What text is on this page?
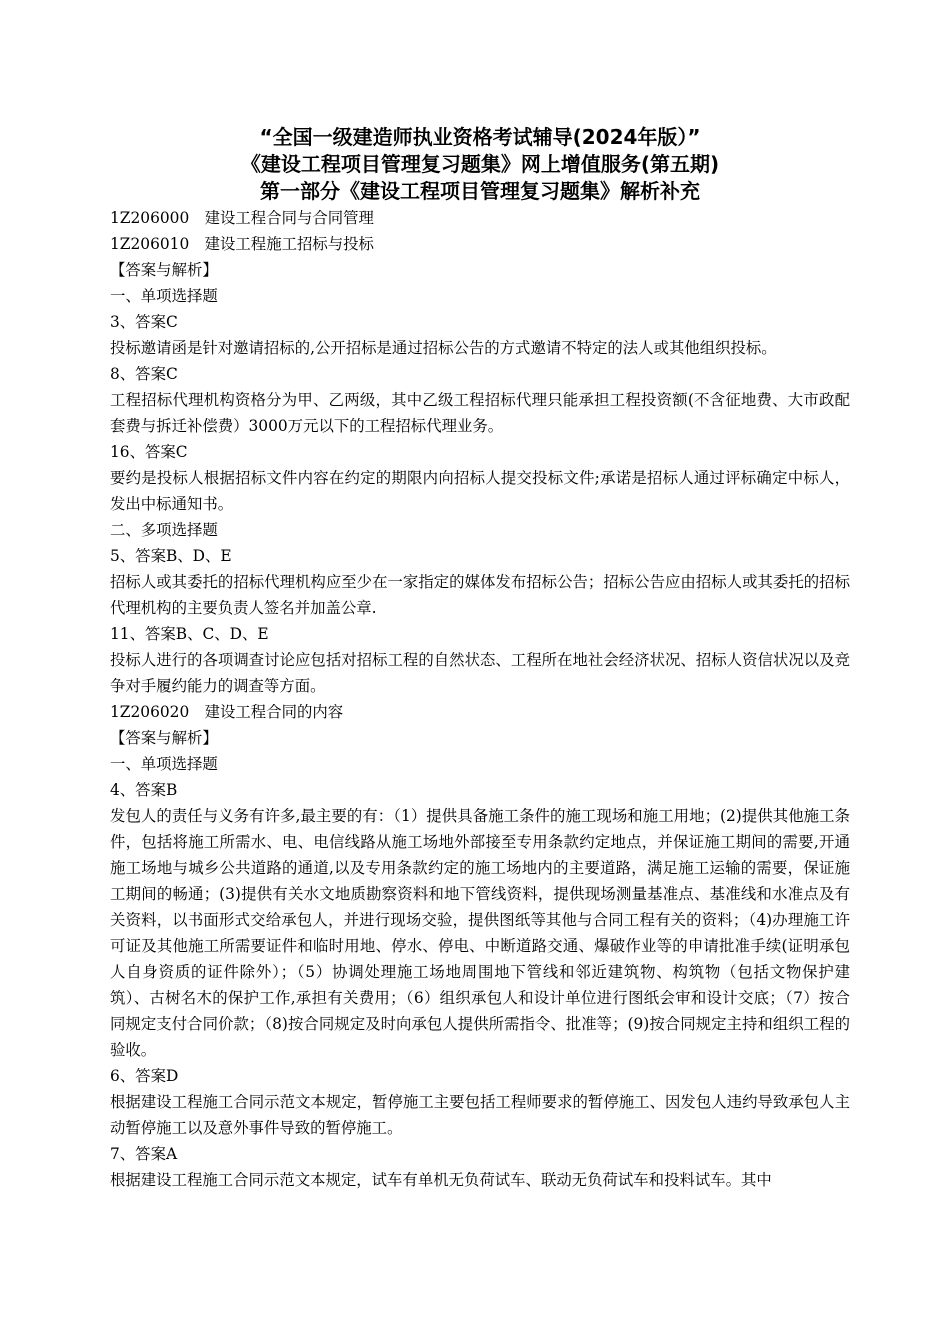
“全国一级建造师执业资格考试辅导(2024年版）”
《建设工程项目管理复习题集》网上增值服务(第五期)
第一部分《建设工程项目管理复习题集》解析补充

1Z206000　建设工程合同与合同管理

1Z206010　建设工程施工招标与投标

【答案与解析】

一、单项选择题

3、答案C

投标邀请函是针对邀请招标的,公开招标是通过招标公告的方式邀请不特定的法人或其他组织投标。

8、答案C

工程招标代理机构资格分为甲、乙两级，其中乙级工程招标代理只能承担工程投资额(不含征地费、大市政配套费与拆迁补偿费）3000万元以下的工程招标代理业务。

16、答案C

要约是投标人根据招标文件内容在约定的期限内向招标人提交投标文件;承诺是招标人通过评标确定中标人，发出中标通知书。

二、多项选择题

5、答案B、D、E

招标人或其委托的招标代理机构应至少在一家指定的媒体发布招标公告；招标公告应由招标人或其委托的招标代理机构的主要负责人签名并加盖公章.

11、答案B、C、D、E

投标人进行的各项调查讨论应包括对招标工程的自然状态、工程所在地社会经济状况、招标人资信状况以及竞争对手履约能力的调查等方面。

1Z206020　建设工程合同的内容

【答案与解析】

一、单项选择题

4、答案B

发包人的责任与义务有许多,最主要的有：（1）提供具备施工条件的施工现场和施工用地；(2)提供其他施工条件，包括将施工所需水、电、电信线路从施工场地外部接至专用条款约定地点，并保证施工期间的需要,开通施工场地与城乡公共道路的通道,以及专用条款约定的施工场地内的主要道路，满足施工运输的需要，保证施工期间的畅通；(3)提供有关水文地质勘察资料和地下管线资料，提供现场测量基准点、基准线和水准点及有关资料，以书面形式交给承包人，并进行现场交验，提供图纸等其他与合同工程有关的资料；（4)办理施工许可证及其他施工所需要证件和临时用地、停水、停电、中断道路交通、爆破作业等的申请批准手续(证明承包人自身资质的证件除外）；（5）协调处理施工场地周围地下管线和邻近建筑物、构筑物（包括文物保护建筑）、古树名木的保护工作,承担有关费用；（6）组织承包人和设计单位进行图纸会审和设计交底；（7）按合同规定支付合同价款；（8)按合同规定及时向承包人提供所需指令、批准等；(9)按合同规定主持和组织工程的验收。

6、答案D

根据建设工程施工合同示范文本规定，暂停施工主要包括工程师要求的暂停施工、因发包人违约导致承包人主动暂停施工以及意外事件导致的暂停施工。

7、答案A

根据建设工程施工合同示范文本规定，试车有单机无负荷试车、联动无负荷试车和投料试车。其中
